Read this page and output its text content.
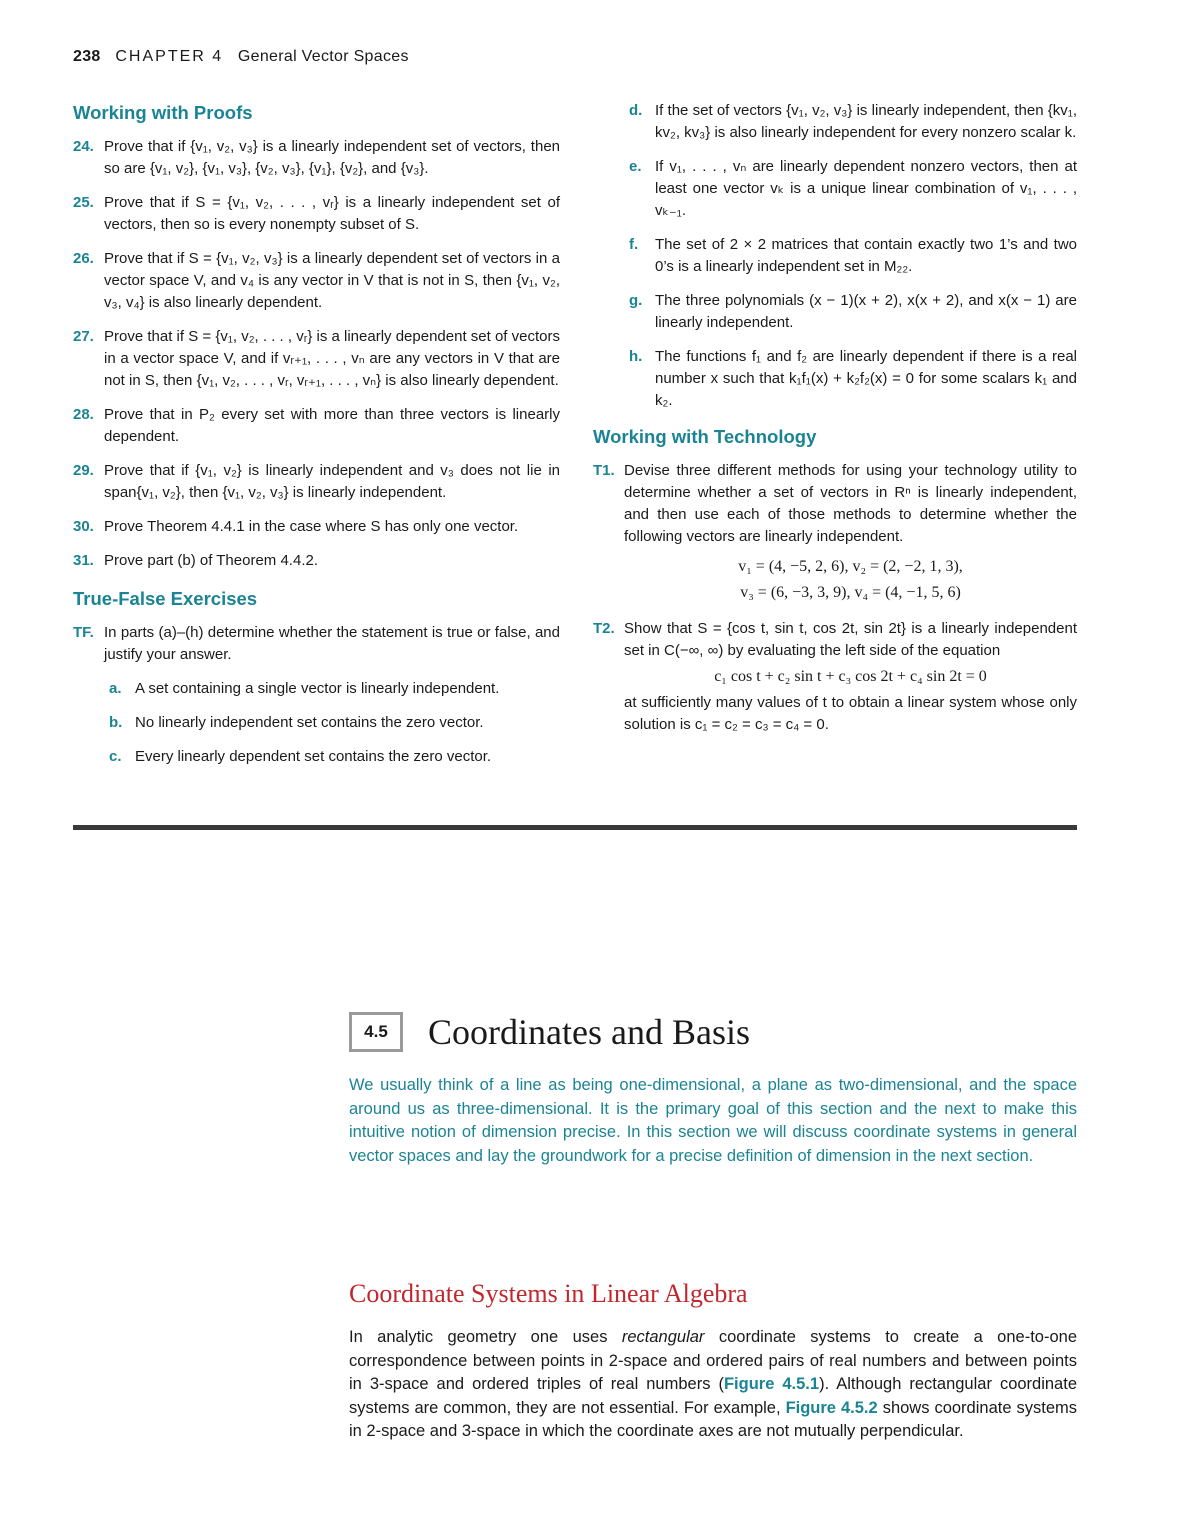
238 CHAPTER 4 General Vector Spaces
Working with Proofs
24. Prove that if {v₁, v₂, v₃} is a linearly independent set of vectors, then so are {v₁, v₂}, {v₁, v₃}, {v₂, v₃}, {v₁}, {v₂}, and {v₃}.
25. Prove that if S = {v₁, v₂, . . . , vᵣ} is a linearly independent set of vectors, then so is every nonempty subset of S.
26. Prove that if S = {v₁, v₂, v₃} is a linearly dependent set of vectors in a vector space V, and v₄ is any vector in V that is not in S, then {v₁, v₂, v₃, v₄} is also linearly dependent.
27. Prove that if S = {v₁, v₂, . . . , vᵣ} is a linearly dependent set of vectors in a vector space V, and if vᵣ₊₁, . . . , vₙ are any vectors in V that are not in S, then {v₁, v₂, . . . , vᵣ, vᵣ₊₁, . . . , vₙ} is also linearly dependent.
28. Prove that in P₂ every set with more than three vectors is linearly dependent.
29. Prove that if {v₁, v₂} is linearly independent and v₃ does not lie in span{v₁, v₂}, then {v₁, v₂, v₃} is linearly independent.
30. Prove Theorem 4.4.1 in the case where S has only one vector.
31. Prove part (b) of Theorem 4.4.2.
True-False Exercises
TF. In parts (a)–(h) determine whether the statement is true or false, and justify your answer.
a. A set containing a single vector is linearly independent.
b. No linearly independent set contains the zero vector.
c. Every linearly dependent set contains the zero vector.
d. If the set of vectors {v₁, v₂, v₃} is linearly independent, then {kv₁, kv₂, kv₃} is also linearly independent for every nonzero scalar k.
e. If v₁, . . . , vₙ are linearly dependent nonzero vectors, then at least one vector vₖ is a unique linear combination of v₁, . . . , vₖ₋₁.
f.	The set of 2 × 2 matrices that contain exactly two 1’s and two 0’s is a linearly independent set in M₂₂.
g. The three polynomials (x − 1)(x + 2), x(x + 2), and x(x − 1) are linearly independent.
h. The functions f₁ and f₂ are linearly dependent if there is a real number x such that k₁f₁(x) + k₂f₂(x) = 0 for some scalars k₁ and k₂.
Working with Technology
T1. Devise three different methods for using your technology utility to determine whether a set of vectors in Rⁿ is linearly independent, and then use each of those methods to determine whether the following vectors are linearly independent.
v₁ = (4, −5, 2, 6), v₂ = (2, −2, 1, 3),
v₃ = (6, −3, 3, 9), v₄ = (4, −1, 5, 6)
T2. Show that S = {cos t, sin t, cos 2t, sin 2t} is a linearly independent set in C(−∞, ∞) by evaluating the left side of the equation
c₁ cos t + c₂ sin t + c₃ cos 2t + c₄ sin 2t = 0
at sufficiently many values of t to obtain a linear system whose only solution is c₁ = c₂ = c₃ = c₄ = 0.
4.5	Coordinates and Basis
We usually think of a line as being one-dimensional, a plane as two-dimensional, and the space around us as three-dimensional. It is the primary goal of this section and the next to make this intuitive notion of dimension precise. In this section we will discuss coordinate systems in general vector spaces and lay the groundwork for a precise definition of dimension in the next section.
Coordinate Systems in Linear Algebra
In analytic geometry one uses rectangular coordinate systems to create a one-to-one correspondence between points in 2-space and ordered pairs of real numbers and between points in 3-space and ordered triples of real numbers (Figure 4.5.1). Although rectangular coordinate systems are common, they are not essential. For example, Figure 4.5.2 shows coordinate systems in 2-space and 3-space in which the coordinate axes are not mutually perpendicular.
